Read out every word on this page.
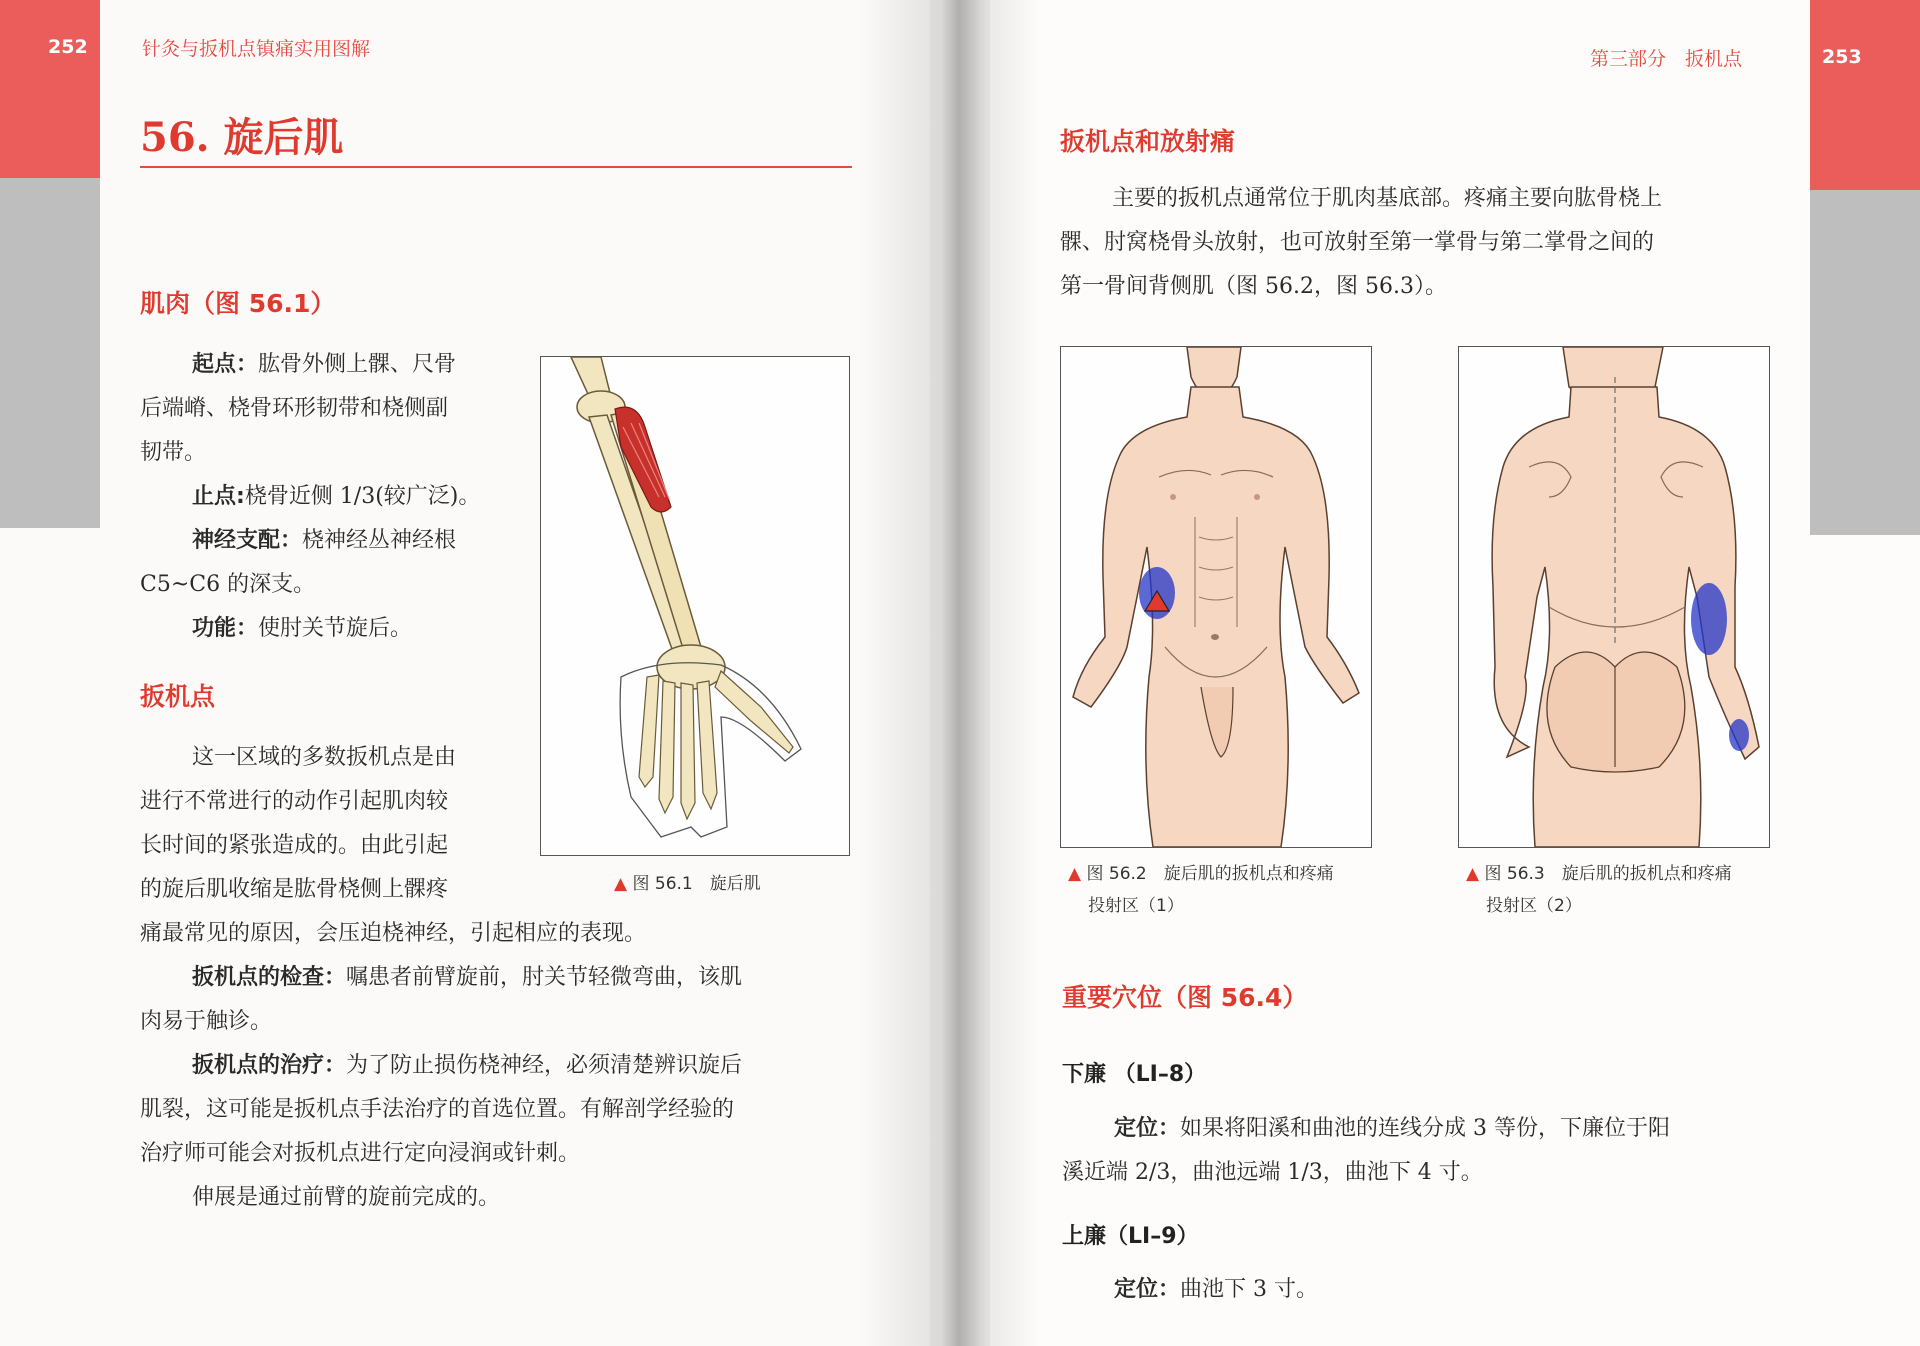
252	针灸与扳机点镇痛实用图解
56. 旋后肌
肌肉（图 56.1）

起点：肱骨外侧上髁、尺骨
后端嵴、桡骨环形韧带和桡侧副
韧带。
止点:桡骨近侧 1/3(较广泛)。
神经支配：桡神经丛神经根
C5~C6 的深支。
功能：使肘关节旋后。

扳机点

这一区域的多数扳机点是由
进行不常进行的动作引起肌肉较
长时间的紧张造成的。由此引起
的旋后肌收缩是肱骨桡侧上髁疼
痛最常见的原因，会压迫桡神经，引起相应的表现。
扳机点的检查：嘱患者前臂旋前，肘关节轻微弯曲，该肌
肉易于触诊。
扳机点的治疗：为了防止损伤桡神经，必须清楚辨识旋后
肌裂，这可能是扳机点手法治疗的首选位置。有解剖学经验的
治疗师可能会对扳机点进行定向浸润或针刺。
伸展是通过前臂的旋前完成的。

▲ 图 56.1　旋后肌
253
第三部分　扳机点
扳机点和放射痛

主要的扳机点通常位于肌肉基底部。疼痛主要向肱骨桡上
髁、肘窝桡骨头放射，也可放射至第一掌骨与第二掌骨之间的
第一骨间背侧肌（图 56.2，图 56.3）。

▲ 图 56.2　旋后肌的扳机点和疼痛
投射区（1）
▲ 图 56.3　旋后肌的扳机点和疼痛
投射区（2）
重要穴位（图 56.4）
下廉 （LI–8）

定位：如果将阳溪和曲池的连线分成 3 等份，下廉位于阳
溪近端 2/3，曲池远端 1/3，曲池下 4 寸。

上廉（LI–9）

定位：曲池下 3 寸。
